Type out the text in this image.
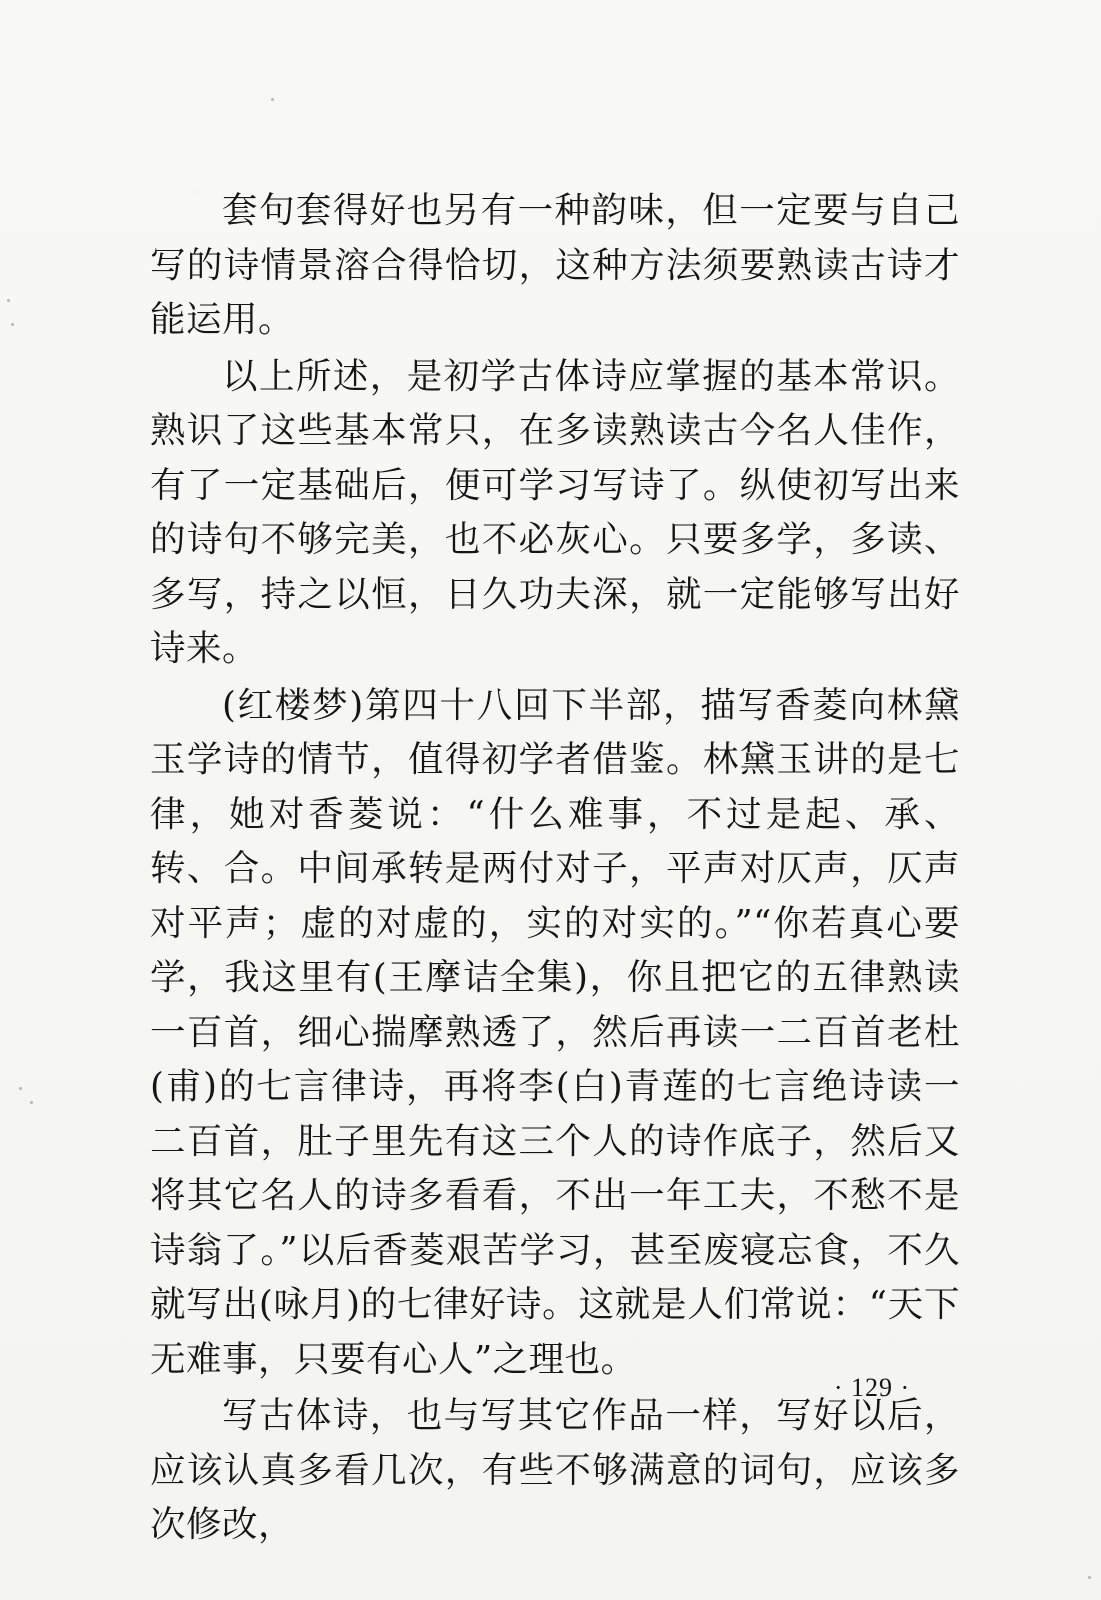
套句套得好也另有一种韵味，但一定要与自己写的诗情景溶合得恰切，这种方法须要熟读古诗才能运用。

以上所述，是初学古体诗应掌握的基本常识。熟识了这些基本常只，在多读熟读古今名人佳作，有了一定基础后，便可学习写诗了。纵使初写出来的诗句不够完美，也不必灰心。只要多学，多读、多写，持之以恒，日久功夫深，就一定能够写出好诗来。

(红楼梦)第四十八回下半部，描写香菱向林黛玉学诗的情节，值得初学者借鉴。林黛玉讲的是七律，她对香菱说：“什么难事，不过是起、承、转、合。中间承转是两付对子，平声对仄声，仄声对平声；虚的对虚的，实的对实的。”“你若真心要学，我这里有(王摩诘全集)，你且把它的五律熟读一百首，细心揣摩熟透了，然后再读一二百首老杜(甫)的七言律诗，再将李(白)青莲的七言绝诗读一二百首，肚子里先有这三个人的诗作底子，然后又将其它名人的诗多看看，不出一年工夫，不愁不是诗翁了。”以后香菱艰苦学习，甚至废寝忘食，不久就写出(咏月)的七律好诗。这就是人们常说：“天下无难事，只要有心人”之理也。

写古体诗，也与写其它作品一样，写好以后，应该认真多看几次，有些不够满意的词句，应该多次修改，

· 129 ·
